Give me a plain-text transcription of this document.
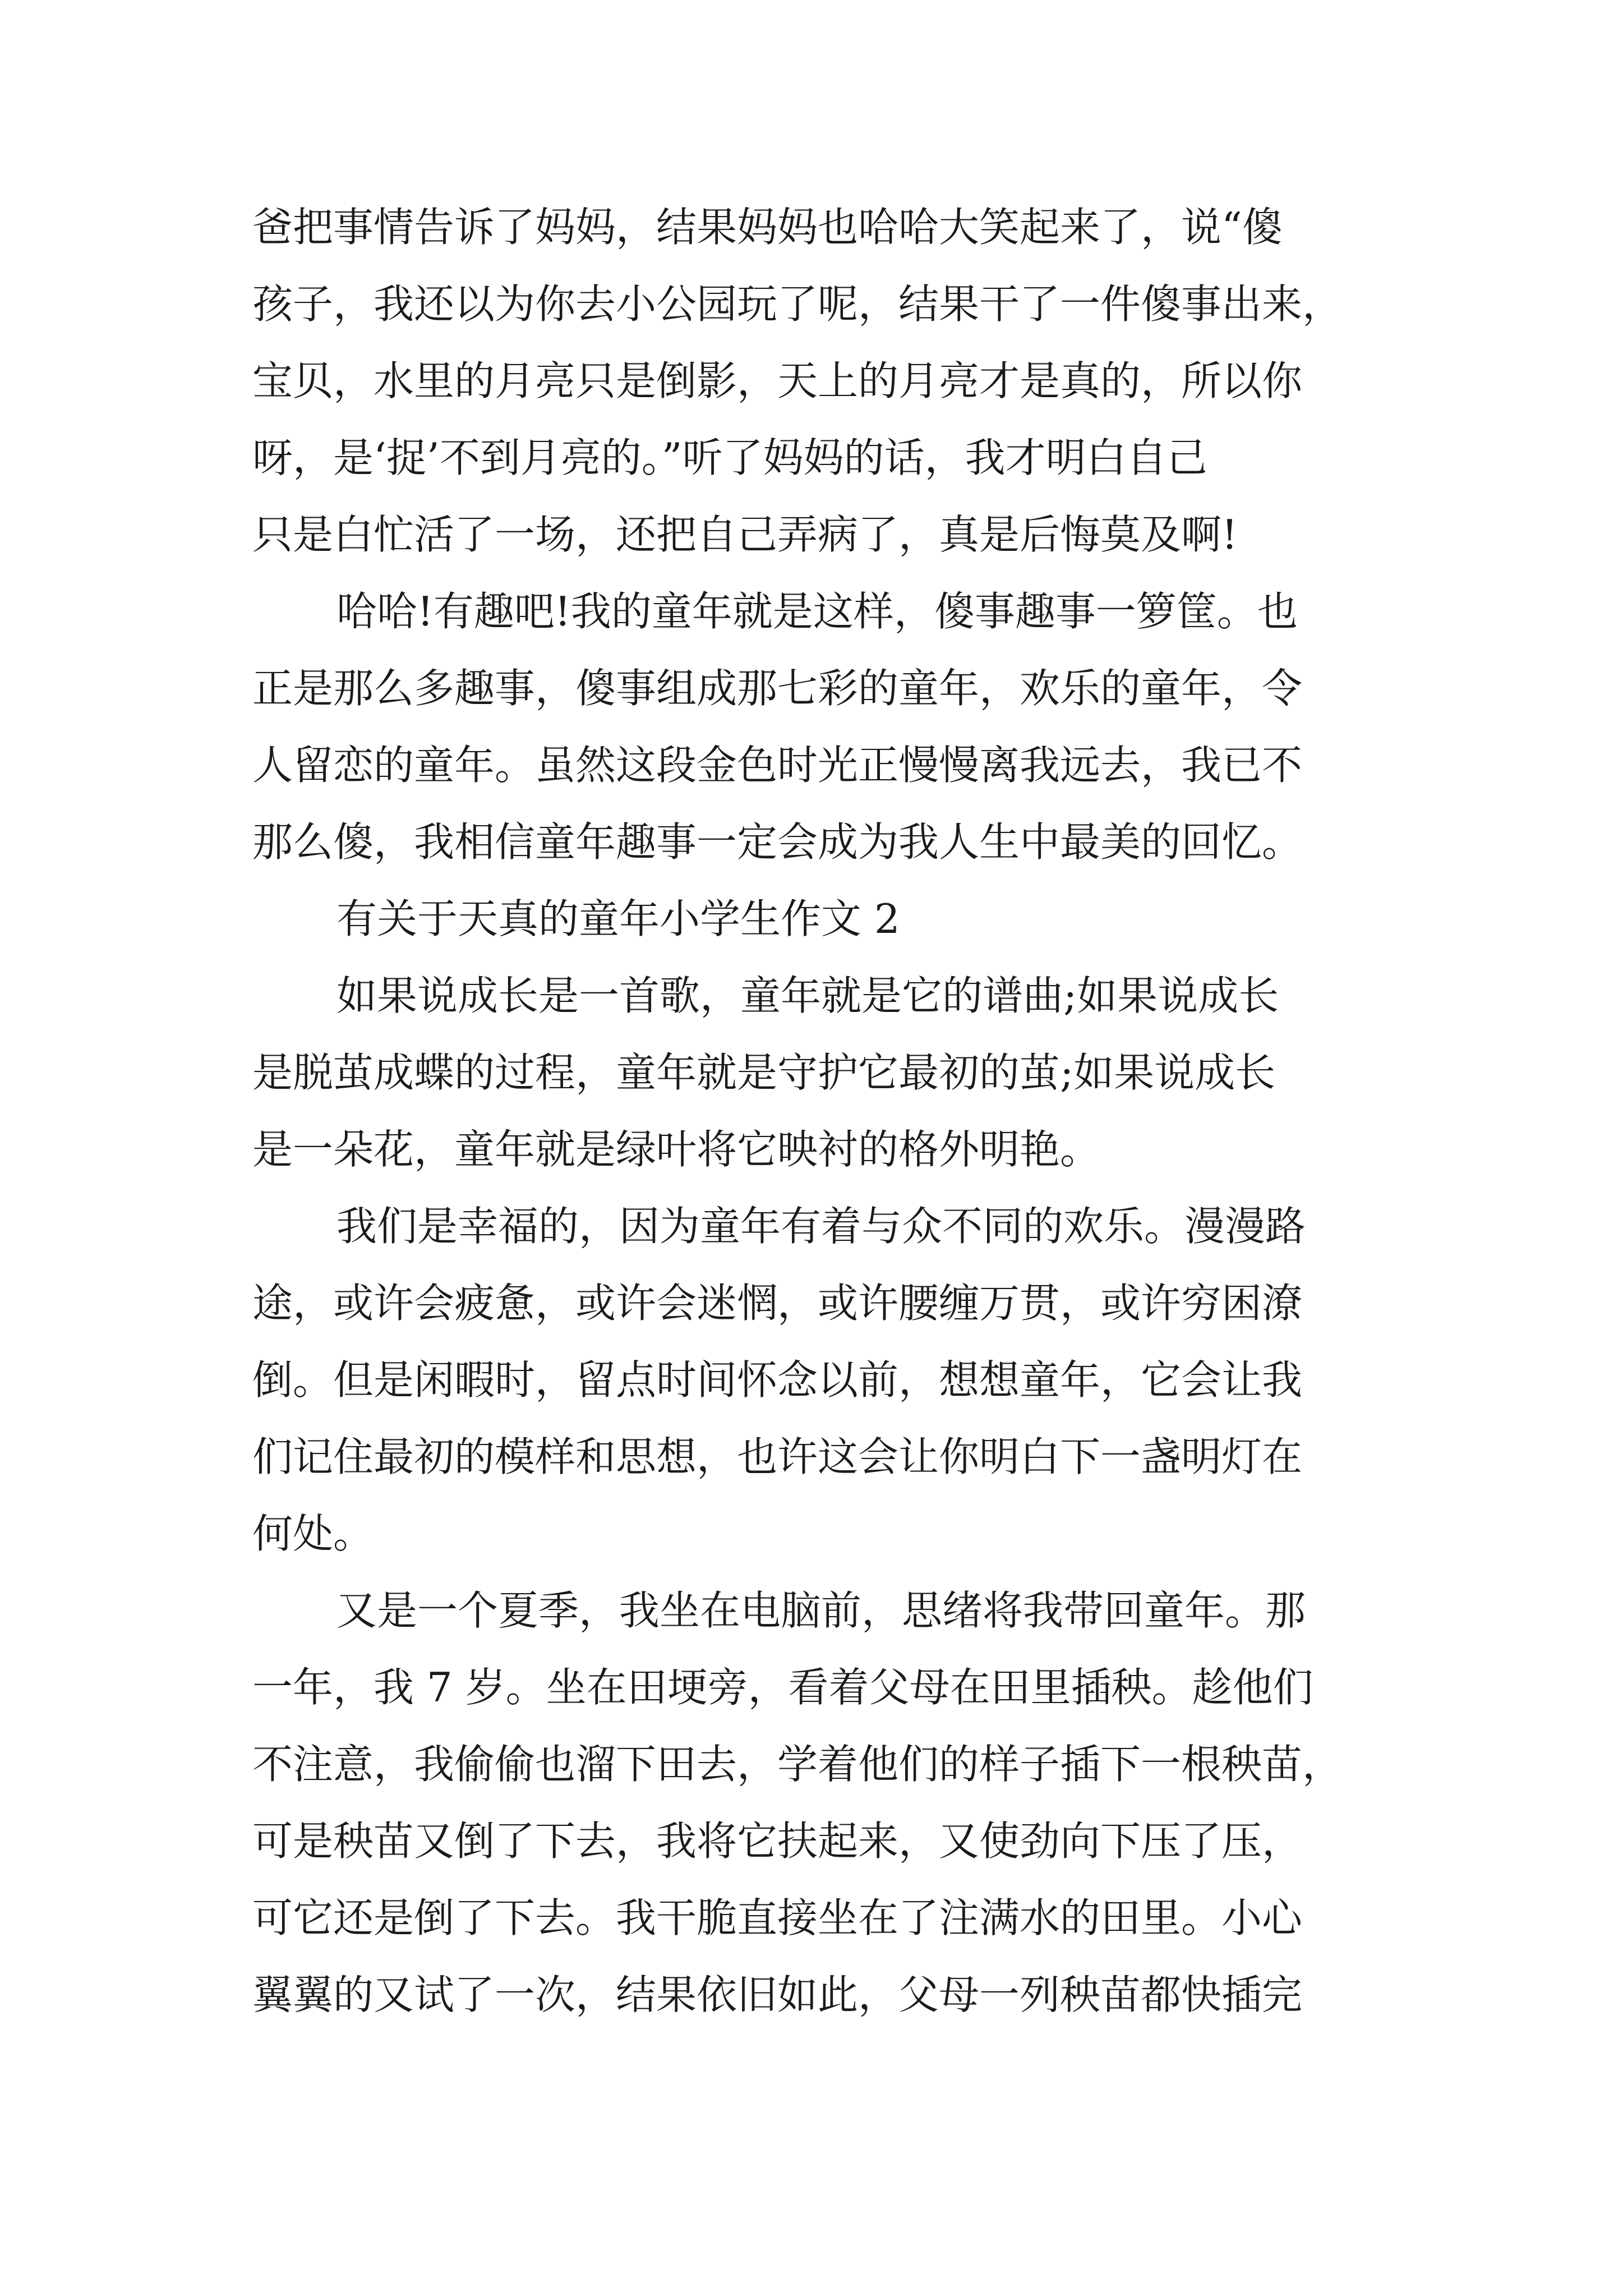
爸把事情告诉了妈妈，结果妈妈也哈哈大笑起来了，说“傻
孩子，我还以为你去小公园玩了呢，结果干了一件傻事出来，
宝贝，水里的月亮只是倒影，天上的月亮才是真的，所以你
呀，是‘捉’不到月亮的。”听了妈妈的话，我才明白自己
只是白忙活了一场，还把自己弄病了，真是后悔莫及啊!
哈哈!有趣吧!我的童年就是这样，傻事趣事一箩筐。也
正是那么多趣事，傻事组成那七彩的童年，欢乐的童年，令
人留恋的童年。虽然这段金色时光正慢慢离我远去，我已不
那么傻，我相信童年趣事一定会成为我人生中最美的回忆。
有关于天真的童年小学生作文 2
如果说成长是一首歌，童年就是它的谱曲;如果说成长
是脱茧成蝶的过程，童年就是守护它最初的茧;如果说成长
是一朵花，童年就是绿叶将它映衬的格外明艳。
我们是幸福的，因为童年有着与众不同的欢乐。漫漫路
途，或许会疲惫，或许会迷惘，或许腰缠万贯，或许穷困潦
倒。但是闲暇时，留点时间怀念以前，想想童年，它会让我
们记住最初的模样和思想，也许这会让你明白下一盏明灯在
何处。
又是一个夏季，我坐在电脑前，思绪将我带回童年。那
一年，我 7 岁。坐在田埂旁，看着父母在田里插秧。趁他们
不注意，我偷偷也溜下田去，学着他们的样子插下一根秧苗，
可是秧苗又倒了下去，我将它扶起来，又使劲向下压了压，
可它还是倒了下去。我干脆直接坐在了注满水的田里。小心
翼翼的又试了一次，结果依旧如此，父母一列秧苗都快插完
